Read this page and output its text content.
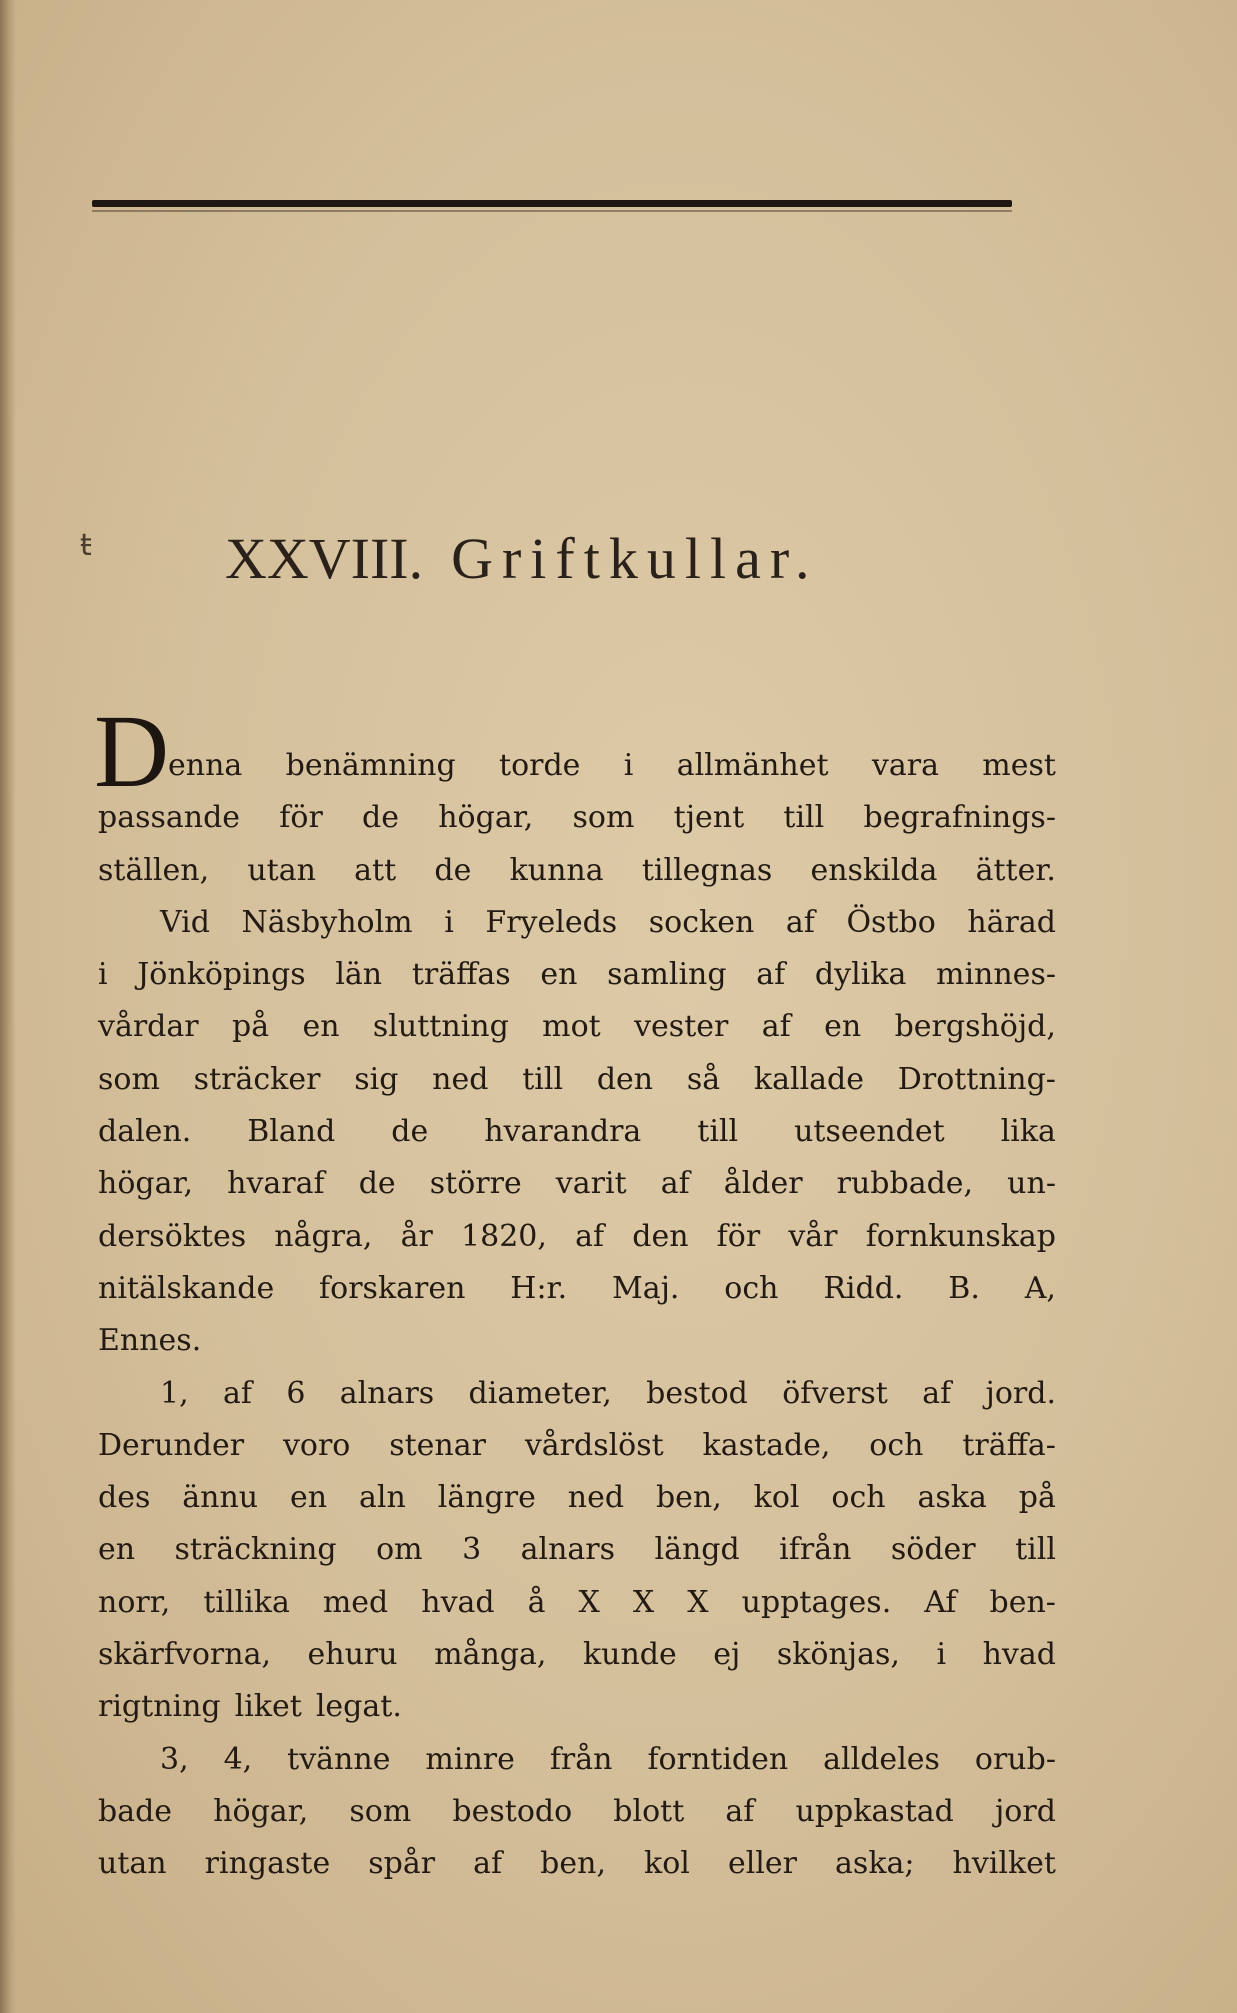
ŧ XXVIII. Griftkullar.
D
enna benämning torde i allmänhet vara mest
passande för de högar, som tjent till begrafnings-
ställen, utan att de kunna tillegnas enskilda ätter.
Vid Näsbyholm i Fryeleds socken af Östbo härad
i Jönköpings län träffas en samling af dylika minnes-
vårdar på en sluttning mot vester af en bergshöjd,
som sträcker sig ned till den så kallade Drottning-
dalen. Bland de hvarandra till utseendet lika
högar, hvaraf de större varit af ålder rubbade, un-
dersöktes några, år 1820, af den för vår fornkunskap
nitälskande forskaren H:r. Maj. och Ridd. B. A,
Ennes.
1, af 6 alnars diameter, bestod öfverst af jord.
Derunder voro stenar vårdslöst kastade, och träffa-
des ännu en aln längre ned ben, kol och aska på
en sträckning om 3 alnars längd ifrån söder till
norr, tillika med hvad å X X X upptages. Af ben-
skärfvorna, ehuru många, kunde ej skönjas, i hvad
rigtning liket legat.
3, 4, tvänne minre från forntiden alldeles orub-
bade högar, som bestodo blott af uppkastad jord
utan ringaste spår af ben, kol eller aska; hvilket
